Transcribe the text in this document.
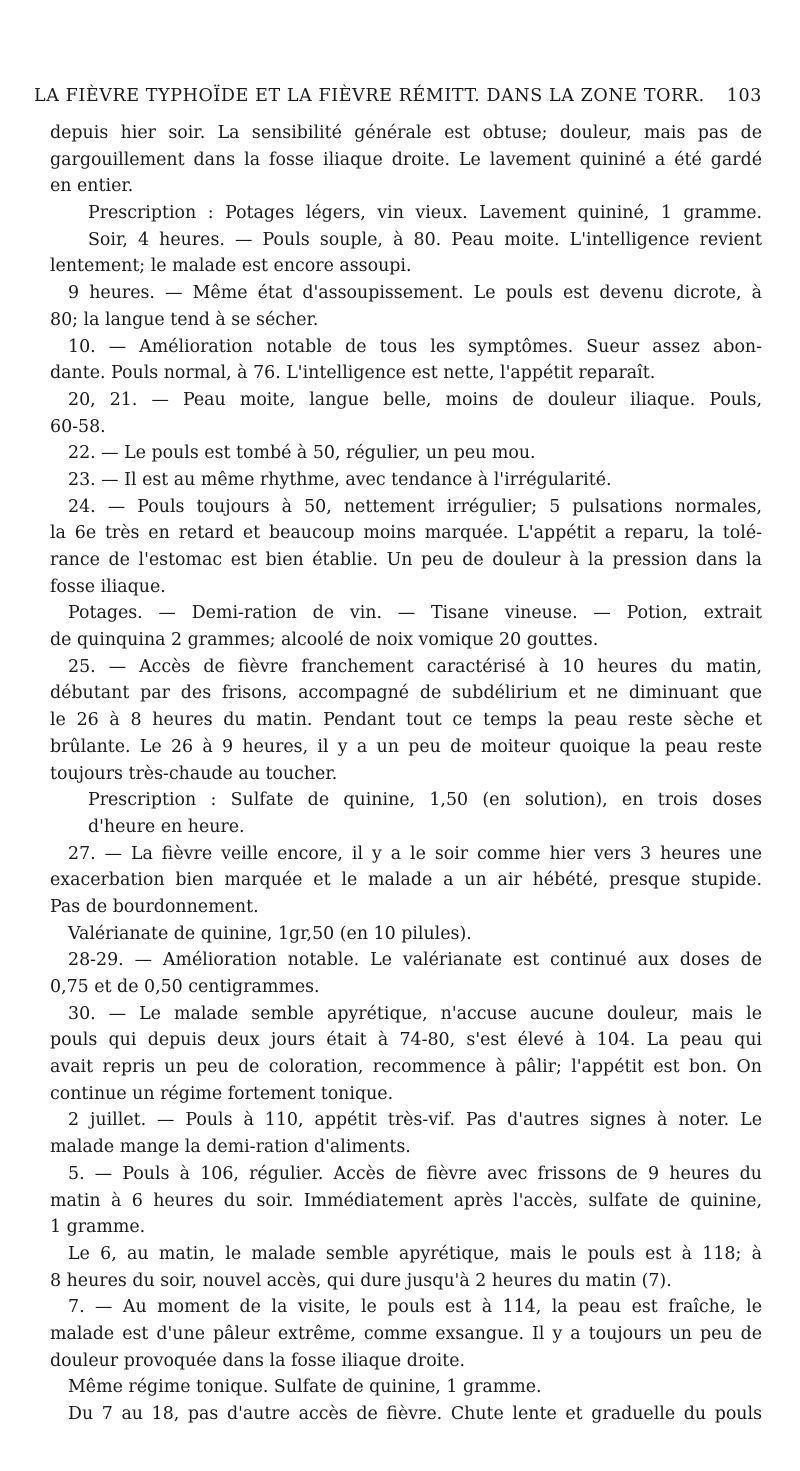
LA FIÈVRE TYPHOÏDE ET LA FIÈVRE RÉMITT. DANS LA ZONE TORR. 103
depuis hier soir. La sensibilité générale est obtuse; douleur, mais pas de
gargouillement dans la fosse iliaque droite. Le lavement quininé a été gardé
en entier.
Prescription : Potages légers, vin vieux. Lavement quininé, 1 gramme.
Soir, 4 heures. — Pouls souple, à 80. Peau moite. L'intelligence revient
lentement; le malade est encore assoupi.
9 heures. — Même état d'assoupissement. Le pouls est devenu dicrote, à
80; la langue tend à se sécher.
10. — Amélioration notable de tous les symptômes. Sueur assez abon-
dante. Pouls normal, à 76. L'intelligence est nette, l'appétit reparaît.
20, 21. — Peau moite, langue belle, moins de douleur iliaque. Pouls,
60-58.
22. — Le pouls est tombé à 50, régulier, un peu mou.
23. — Il est au même rhythme, avec tendance à l'irrégularité.
24. — Pouls toujours à 50, nettement irrégulier; 5 pulsations normales,
la 6e très en retard et beaucoup moins marquée. L'appétit a reparu, la tolé-
rance de l'estomac est bien établie. Un peu de douleur à la pression dans la
fosse iliaque.
Potages. — Demi-ration de vin. — Tisane vineuse. — Potion, extrait
de quinquina 2 grammes; alcoolé de noix vomique 20 gouttes.
25. — Accès de fièvre franchement caractérisé à 10 heures du matin,
débutant par des frisons, accompagné de subdélirium et ne diminuant que
le 26 à 8 heures du matin. Pendant tout ce temps la peau reste sèche et
brûlante. Le 26 à 9 heures, il y a un peu de moiteur quoique la peau reste
toujours très-chaude au toucher.
Prescription : Sulfate de quinine, 1,50 (en solution), en trois doses
d'heure en heure.
27. — La fièvre veille encore, il y a le soir comme hier vers 3 heures une
exacerbation bien marquée et le malade a un air hébété, presque stupide.
Pas de bourdonnement.
Valérianate de quinine, 1gr,50 (en 10 pilules).
28-29. — Amélioration notable. Le valérianate est continué aux doses de
0,75 et de 0,50 centigrammes.
30. — Le malade semble apyrétique, n'accuse aucune douleur, mais le
pouls qui depuis deux jours était à 74-80, s'est élevé à 104. La peau qui
avait repris un peu de coloration, recommence à pâlir; l'appétit est bon. On
continue un régime fortement tonique.
2 juillet. — Pouls à 110, appétit très-vif. Pas d'autres signes à noter. Le
malade mange la demi-ration d'aliments.
5. — Pouls à 106, régulier. Accès de fièvre avec frissons de 9 heures du
matin à 6 heures du soir. Immédiatement après l'accès, sulfate de quinine,
1 gramme.
Le 6, au matin, le malade semble apyrétique, mais le pouls est à 118; à
8 heures du soir, nouvel accès, qui dure jusqu'à 2 heures du matin (7).
7. — Au moment de la visite, le pouls est à 114, la peau est fraîche, le
malade est d'une pâleur extrême, comme exsangue. Il y a toujours un peu de
douleur provoquée dans la fosse iliaque droite.
Même régime tonique. Sulfate de quinine, 1 gramme.
Du 7 au 18, pas d'autre accès de fièvre. Chute lente et graduelle du pouls
